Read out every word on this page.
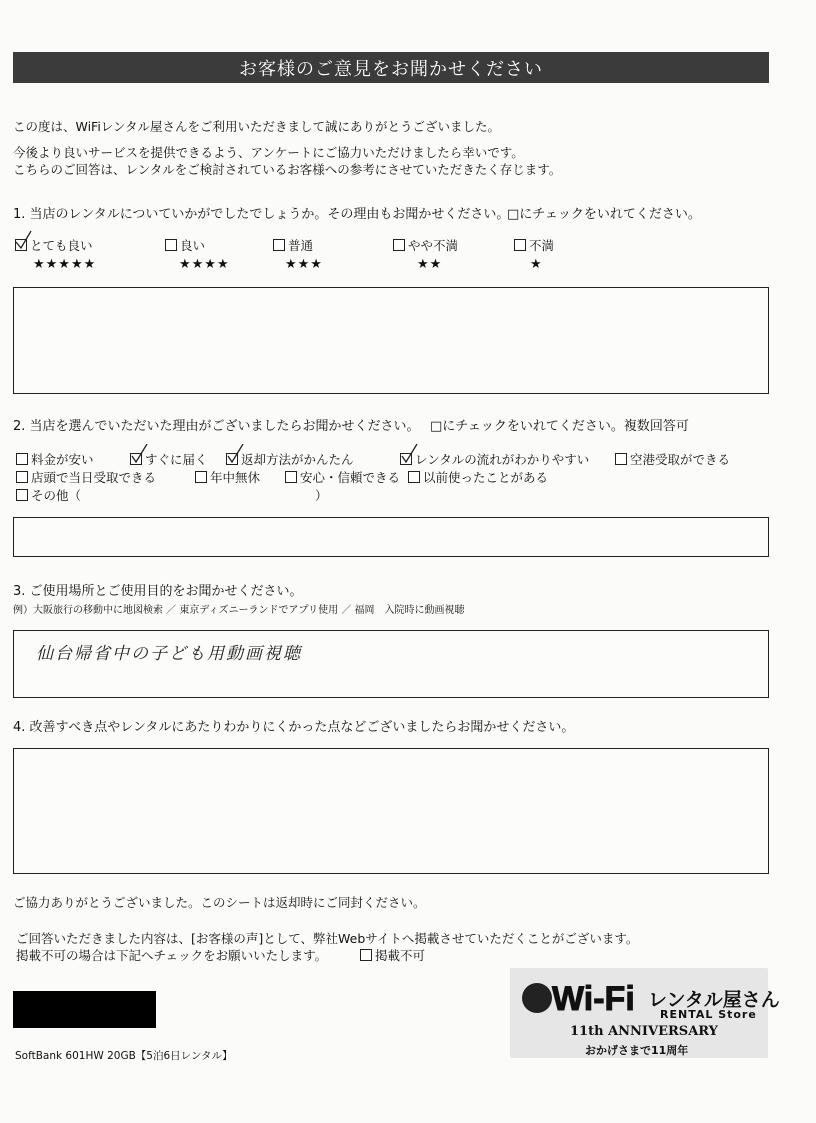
お客様のご意見をお聞かせください
この度は、WiFiレンタル屋さんをご利用いただきまして誠にありがとうございました。
今後より良いサービスを提供できるよう、アンケートにご協力いただけましたら幸いです。
こちらのご回答は、レンタルをご検討されているお客様への参考にさせていただきたく存じます。
1. 当店のレンタルについていかがでしたでしょうか。その理由もお聞かせください。
□にチェックをいれてください。
とても良い
★★★★★
良い
★★★★
普通
★★★
やや不満
★★
不満
★
2. 当店を選んでいただいた理由がございましたらお聞かせください。 □にチェックをいれてください。複数回答可
料金が安い	すぐに届く	返却方法がかんたん	レンタルの流れがわかりやすい	空港受取ができる
店頭で当日受取できる	年中無休	安心・信頼できる 以前使ったことがある
その他（	）
3. ご使用場所とご使用目的をお聞かせください。
例）大阪旅行の移動中に地図検索 ／ 東京ディズニーランドでアプリ使用 ／ 福岡　入院時に動画視聴
仙台帰省中の子ども用動画視聴
4. 改善すべき点やレンタルにあたりわかりにくかった点などございましたらお聞かせください。
ご協力ありがとうございました。このシートは返却時にご同封ください。
ご回答いただきました内容は、[お客様の声]として、弊社Webサイトへ掲載させていただくことがございます。
掲載不可の場合は下記へチェックをお願いいたします。	掲載不可
SoftBank 601HW 20GB【5泊6日レンタル】
Wi-Fi レンタル屋さん
RENTAL Store
11th ANNIVERSARY
おかげさまで11周年
